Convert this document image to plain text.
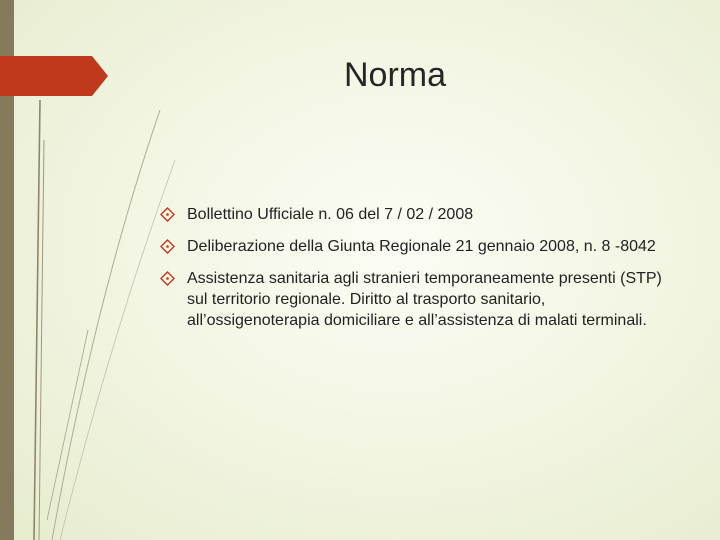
Norma
Bollettino Ufficiale n. 06 del 7 / 02 / 2008
Deliberazione della Giunta Regionale 21 gennaio 2008, n. 8 -8042
Assistenza sanitaria agli stranieri temporaneamente presenti (STP) sul territorio regionale. Diritto al trasporto sanitario, all’ossigenoterapia domiciliare e all’assistenza di malati terminali.
